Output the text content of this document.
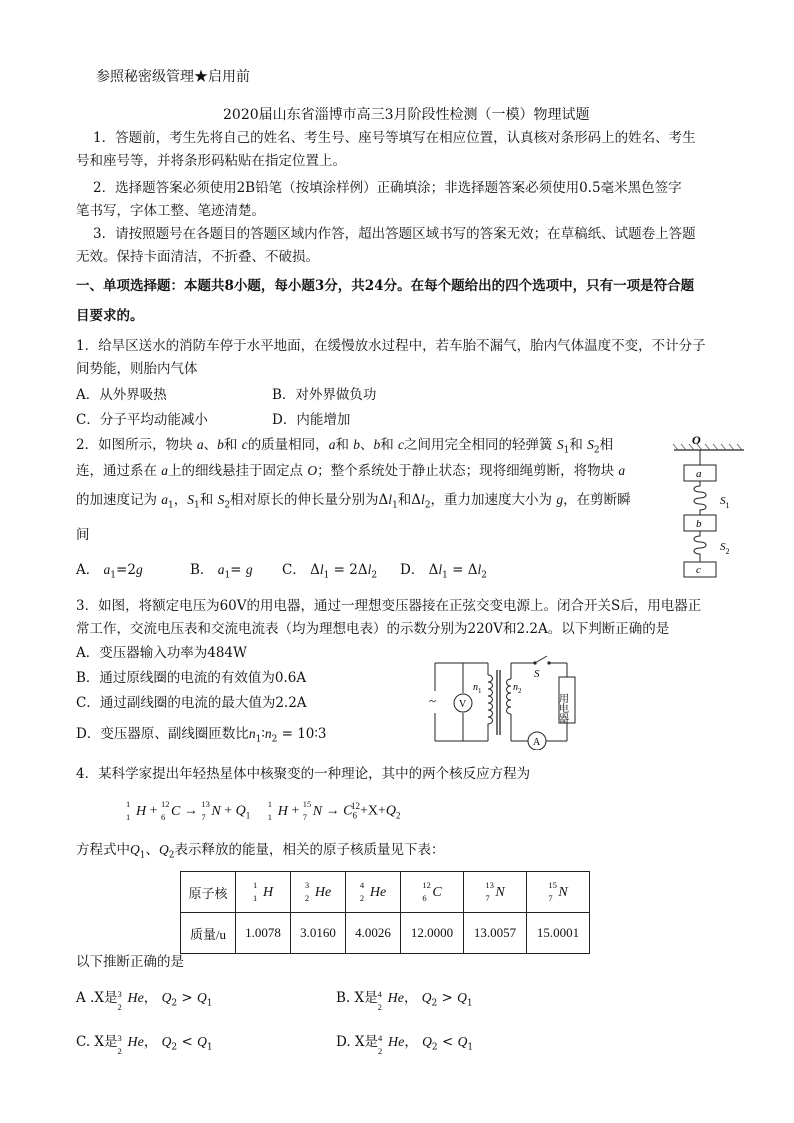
参照秘密级管理★启用前
2020届山东省淄博市高三3月阶段性检测（一模）物理试题
1．答题前，考生先将自己的姓名、考生号、座号等填写在相应位置，认真核对条形码上的姓名、考生
号和座号等，并将条形码粘贴在指定位置上。
2．选择题答案必须使用2B铅笔（按填涂样例）正确填涂；非选择题答案必须使用0.5毫米黑色签字
笔书写，字体工整、笔迹清楚。
3．请按照题号在各题目的答题区域内作答，超出答题区域书写的答案无效；在草稿纸、试题卷上答题
无效。保持卡面清洁，不折叠、不破损。
一、单项选择题：本题共8小题，每小题3分，共24分。在每个题给出的四个选项中，只有一项是符合题
目要求的。
1．给旱区送水的消防车停于水平地面，在缓慢放水过程中，若车胎不漏气，胎内气体温度不变，不计分子
间势能，则胎内气体
A．从外界吸热	B．对外界做负功
C．分子平均动能减小	D．内能增加
2．如图所示，物块 a、b和 c的质量相同，a和 b、b和 c之间用完全相同的轻弹簧 $S_1$和 $S_2$相
连，通过系在 a上的细线悬挂于固定点 O；整个系统处于静止状态；现将细绳剪断，将物块 a
的加速度记为 $a_1$，$S_1$和 $S_2$相对原长的伸长量分别为$\Delta l_1$和$\Delta l_2$，重力加速度大小为 g，在剪断瞬
间
A． $a_1=2g$	B． $a_1= g$ C． $\Delta l_1 = 2\Delta l_2$ D． $\Delta l_1 = \Delta l_2$
O
a
$S_1$
b
$S_2$
c
3．如图，将额定电压为60V的用电器，通过一理想变压器接在正弦交变电源上。闭合开关S后，用电器正
常工作，交流电压表和交流电流表（均为理想电表）的示数分别为220V和2.2A。以下判断正确的是
A．变压器输入功率为484W
B．通过原线圈的电流的有效值为0.6A
C．通过副线圈的电流的最大值为2.2A
D．变压器原、副线圈匝数比$n_1∶n_2$ = 10∶3
~ V
A
$n_1$	$n_2$
S
用电器
4．某科学家提出年轻热星体中核聚变的一种理论，其中的两个核反应方程为
H
1
1 + C
12
6 → N
13
$7 + Q_1$ H
1
1 + N
15
$7 \to C_6^{12}+X+Q_2$
方程式中$Q_1$、$Q_2$表示释放的能量，相关的原子核质量见下表：
原子核	H
1
1	He
3
2	He
4
2	C
12
6	N
13
7	N
15
7

质量/u	1.0078	3.0160	4.0026	12.0000	13.0057	15.0001
以下推断正确的是
A .X是 He
3
2
， $Q_2 > Q_1$	B. X是 He
4
2
， $Q_2 > Q_1$
C. X是 He
3
2
， $Q_2 < Q_1$	D. X是 He
4
2
， $Q_2 < Q_1$
